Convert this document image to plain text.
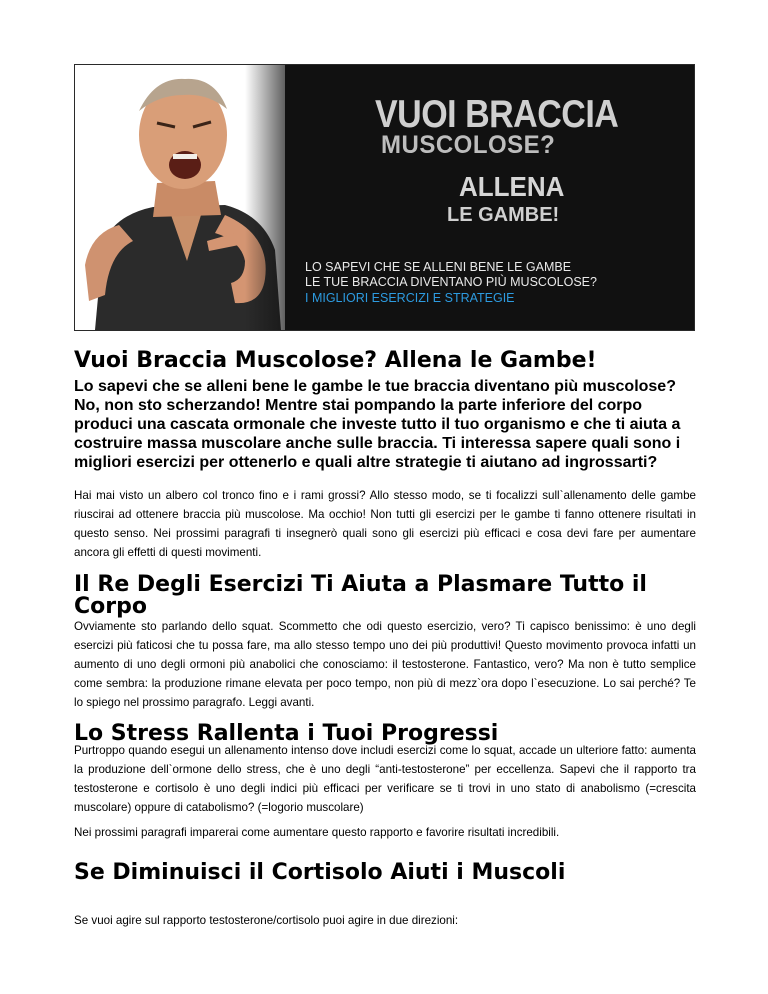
VUOI BRACCIA
MUSCOLOSE?
ALLENA
LE GAMBE!
LO SAPEVI CHE SE ALLENI BENE LE GAMBE
LE TUE BRACCIA DIVENTANO PIÙ MUSCOLOSE?
I MIGLIORI ESERCIZI E STRATEGIE
Vuoi Braccia Muscolose? Allena le Gambe!

Lo sapevi che se alleni bene le gambe le tue braccia diventano più muscolose? No, non sto scherzando! Mentre stai pompando la parte inferiore del corpo produci una cascata ormonale che investe tutto il tuo organismo e che ti aiuta a costruire massa muscolare anche sulle braccia. Ti interessa sapere quali sono i migliori esercizi per ottenerlo e quali altre strategie ti aiutano ad ingrossarti?

Hai mai visto un albero col tronco fino e i rami grossi? Allo stesso modo, se ti focalizzi sull`allenamento delle gambe riuscirai ad ottenere braccia più muscolose. Ma occhio! Non tutti gli esercizi per le gambe ti fanno ottenere risultati in questo senso. Nei prossimi paragrafi ti insegnerò quali sono gli esercizi più efficaci e cosa devi fare per aumentare ancora gli effetti di questi movimenti.

Il Re Degli Esercizi Ti Aiuta a Plasmare Tutto il Corpo

Ovviamente sto parlando dello squat. Scommetto che odi questo esercizio, vero? Ti capisco benissimo: è uno degli esercizi più faticosi che tu possa fare, ma allo stesso tempo uno dei più produttivi! Questo movimento provoca infatti un aumento di uno degli ormoni più anabolici che conosciamo: il testosterone. Fantastico, vero? Ma non è tutto semplice come sembra: la produzione rimane elevata per poco tempo, non più di mezz`ora dopo l`esecuzione. Lo sai perché? Te lo spiego nel prossimo paragrafo. Leggi avanti.

Lo Stress Rallenta i Tuoi Progressi

Purtroppo quando esegui un allenamento intenso dove includi esercizi come lo squat, accade un ulteriore fatto: aumenta la produzione dell`ormone dello stress, che è uno degli “anti-testosterone” per eccellenza. Sapevi che il rapporto tra testosterone e cortisolo è uno degli indici più efficaci per verificare se ti trovi in uno stato di anabolismo (=crescita muscolare) oppure di catabolismo? (=logorio muscolare)

Nei prossimi paragrafi imparerai come aumentare questo rapporto e favorire risultati incredibili.

Se Diminuisci il Cortisolo Aiuti i Muscoli

Se vuoi agire sul rapporto testosterone/cortisolo puoi agire in due direzioni:
